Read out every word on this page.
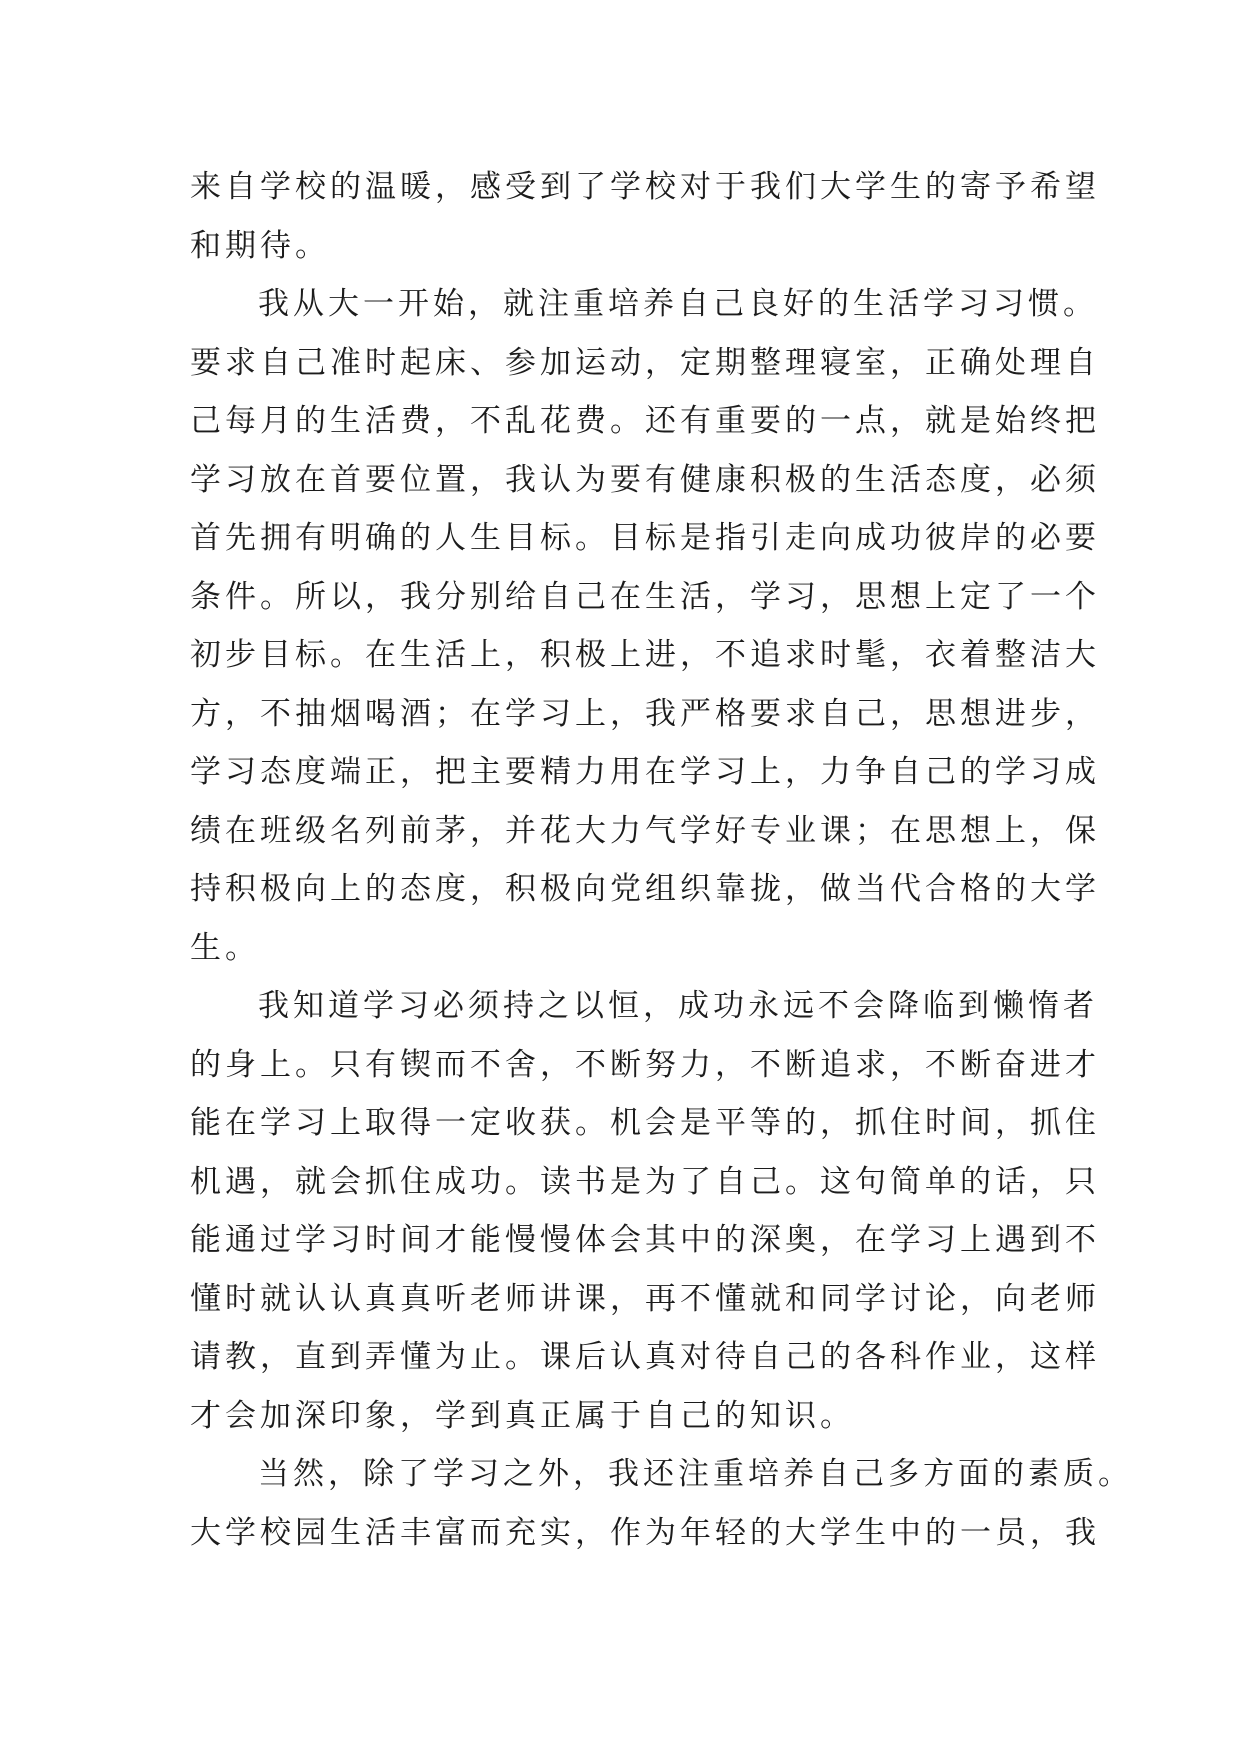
来自学校的温暖，感受到了学校对于我们大学生的寄予希望
和期待。
我从大一开始，就注重培养自己良好的生活学习习惯。
要求自己准时起床、参加运动，定期整理寝室，正确处理自
己每月的生活费，不乱花费。还有重要的一点，就是始终把
学习放在首要位置，我认为要有健康积极的生活态度，必须
首先拥有明确的人生目标。目标是指引走向成功彼岸的必要
条件。所以，我分别给自己在生活，学习，思想上定了一个
初步目标。在生活上，积极上进，不追求时髦，衣着整洁大
方，不抽烟喝酒；在学习上，我严格要求自己，思想进步，
学习态度端正，把主要精力用在学习上，力争自己的学习成
绩在班级名列前茅，并花大力气学好专业课；在思想上，保
持积极向上的态度，积极向党组织靠拢，做当代合格的大学
生。
我知道学习必须持之以恒，成功永远不会降临到懒惰者
的身上。只有锲而不舍，不断努力，不断追求，不断奋进才
能在学习上取得一定收获。机会是平等的，抓住时间，抓住
机遇，就会抓住成功。读书是为了自己。这句简单的话，只
能通过学习时间才能慢慢体会其中的深奥，在学习上遇到不
懂时就认认真真听老师讲课，再不懂就和同学讨论，向老师
请教，直到弄懂为止。课后认真对待自己的各科作业，这样
才会加深印象，学到真正属于自己的知识。
当然，除了学习之外，我还注重培养自己多方面的素质。
大学校园生活丰富而充实，作为年轻的大学生中的一员，我
